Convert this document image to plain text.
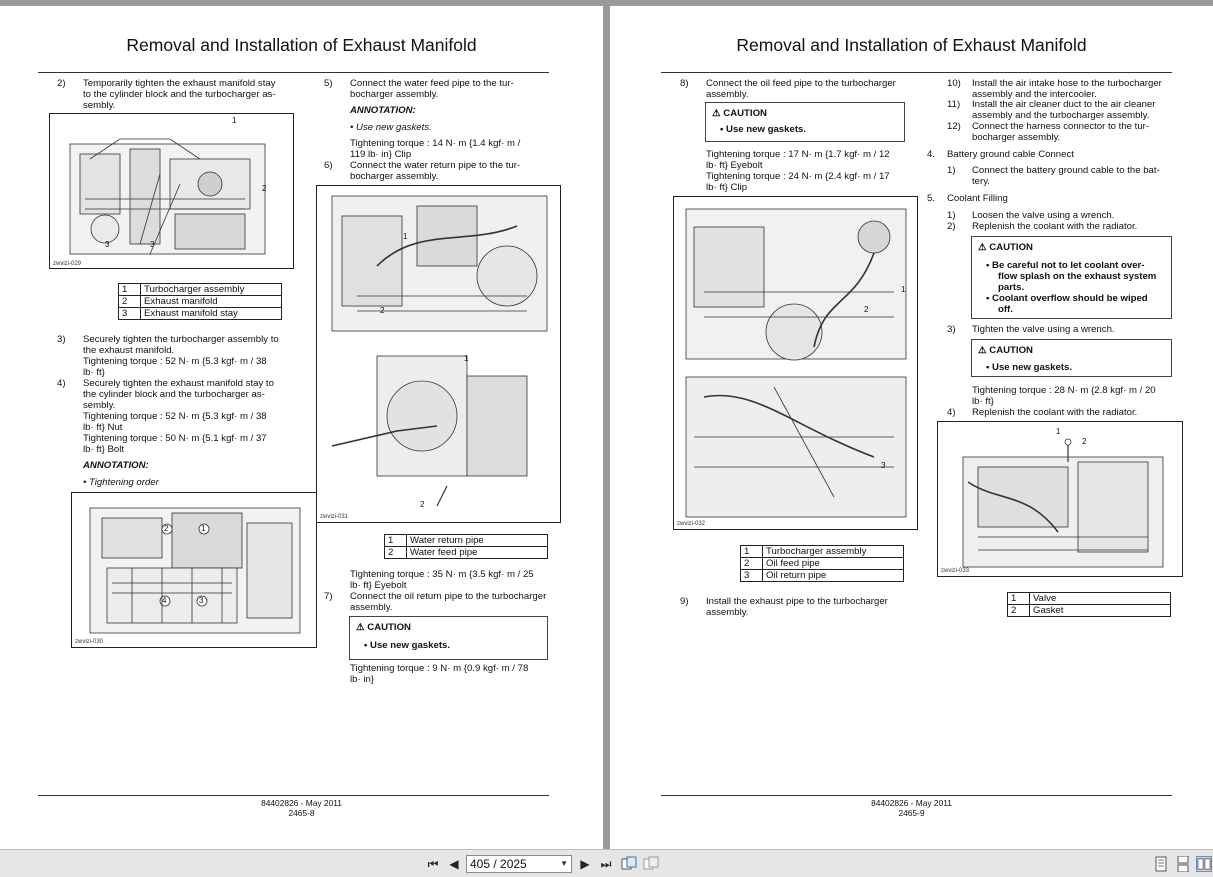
Removal and Installation of Exhaust Manifold
2) Temporarily tighten the exhaust manifold stay
to the cylinder block and the turbocharger as-
sembly.
1
2
3	3
zwvizi-029
1	Turbocharger assembly
2	Exhaust manifold
3	Exhaust manifold stay
3) Securely tighten the turbocharger assembly to
the exhaust manifold.
Tightening torque : 52 N· m {5.3 kgf· m / 38
lb· ft}
4) Securely tighten the exhaust manifold stay to
the cylinder block and the turbocharger as-
sembly.
Tightening torque : 52 N· m {5.3 kgf· m / 38
lb· ft} Nut
Tightening torque : 50 N· m {5.1 kgf· m / 37
lb· ft} Bolt
ANNOTATION:
• Tightening order
2	1
4	3
zwvizi-030
5) Connect the water feed pipe to the tur-
bocharger assembly.
ANNOTATION:
• Use new gaskets.
Tightening torque : 14 N· m {1.4 kgf· m /
119 lb· in} Clip
6) Connect the water return pipe to the tur-
bocharger assembly.
1
2
1
2
zwvizi-031
1	Water return pipe
2	Water feed pipe
Tightening torque : 35 N· m {3.5 kgf· m / 25
lb· ft} Eyebolt
7) Connect the oil return pipe to the turbocharger
assembly.
⚠ CAUTION
• Use new gaskets.
Tightening torque : 9 N· m {0.9 kgf· m / 78
lb· in}
84402826 - May 2011
2465-8
Removal and Installation of Exhaust Manifold
8) Connect the oil feed pipe to the turbocharger
assembly.
⚠ CAUTION
• Use new gaskets.
Tightening torque : 17 N· m {1.7 kgf· m / 12
lb· ft} Eyebolt
Tightening torque : 24 N· m {2.4 kgf· m / 17
lb· ft} Clip
2
1
3
zwvizi-032
1	Turbocharger assembly
2	Oil feed pipe
3	Oil return pipe
9) Install the exhaust pipe to the turbocharger
assembly.
10) Install the air intake hose to the turbocharger
assembly and the intercooler.
11) Install the air cleaner duct to the air cleaner
assembly and the turbocharger assembly.
12) Connect the harness connector to the tur-
bocharger assembly.
4. Battery ground cable Connect
1) Connect the battery ground cable to the bat-
tery.
5. Coolant Filling
1) Loosen the valve using a wrench.
2) Replenish the coolant with the radiator.
⚠ CAUTION
• Be careful not to let coolant over-
flow splash on the exhaust system
parts.
• Coolant overflow should be wiped
off.
3) Tighten the valve using a wrench.
⚠ CAUTION
• Use new gaskets.
Tightening torque : 28 N· m {2.8 kgf· m / 20
lb· ft}
4) Replenish the coolant with the radiator.
1
2
zwvizi-033
1	Valve
2	Gasket
84402826 - May 2011
2465-9
⏮ ◀ 405 / 2025	▼ ▶ ⏭
